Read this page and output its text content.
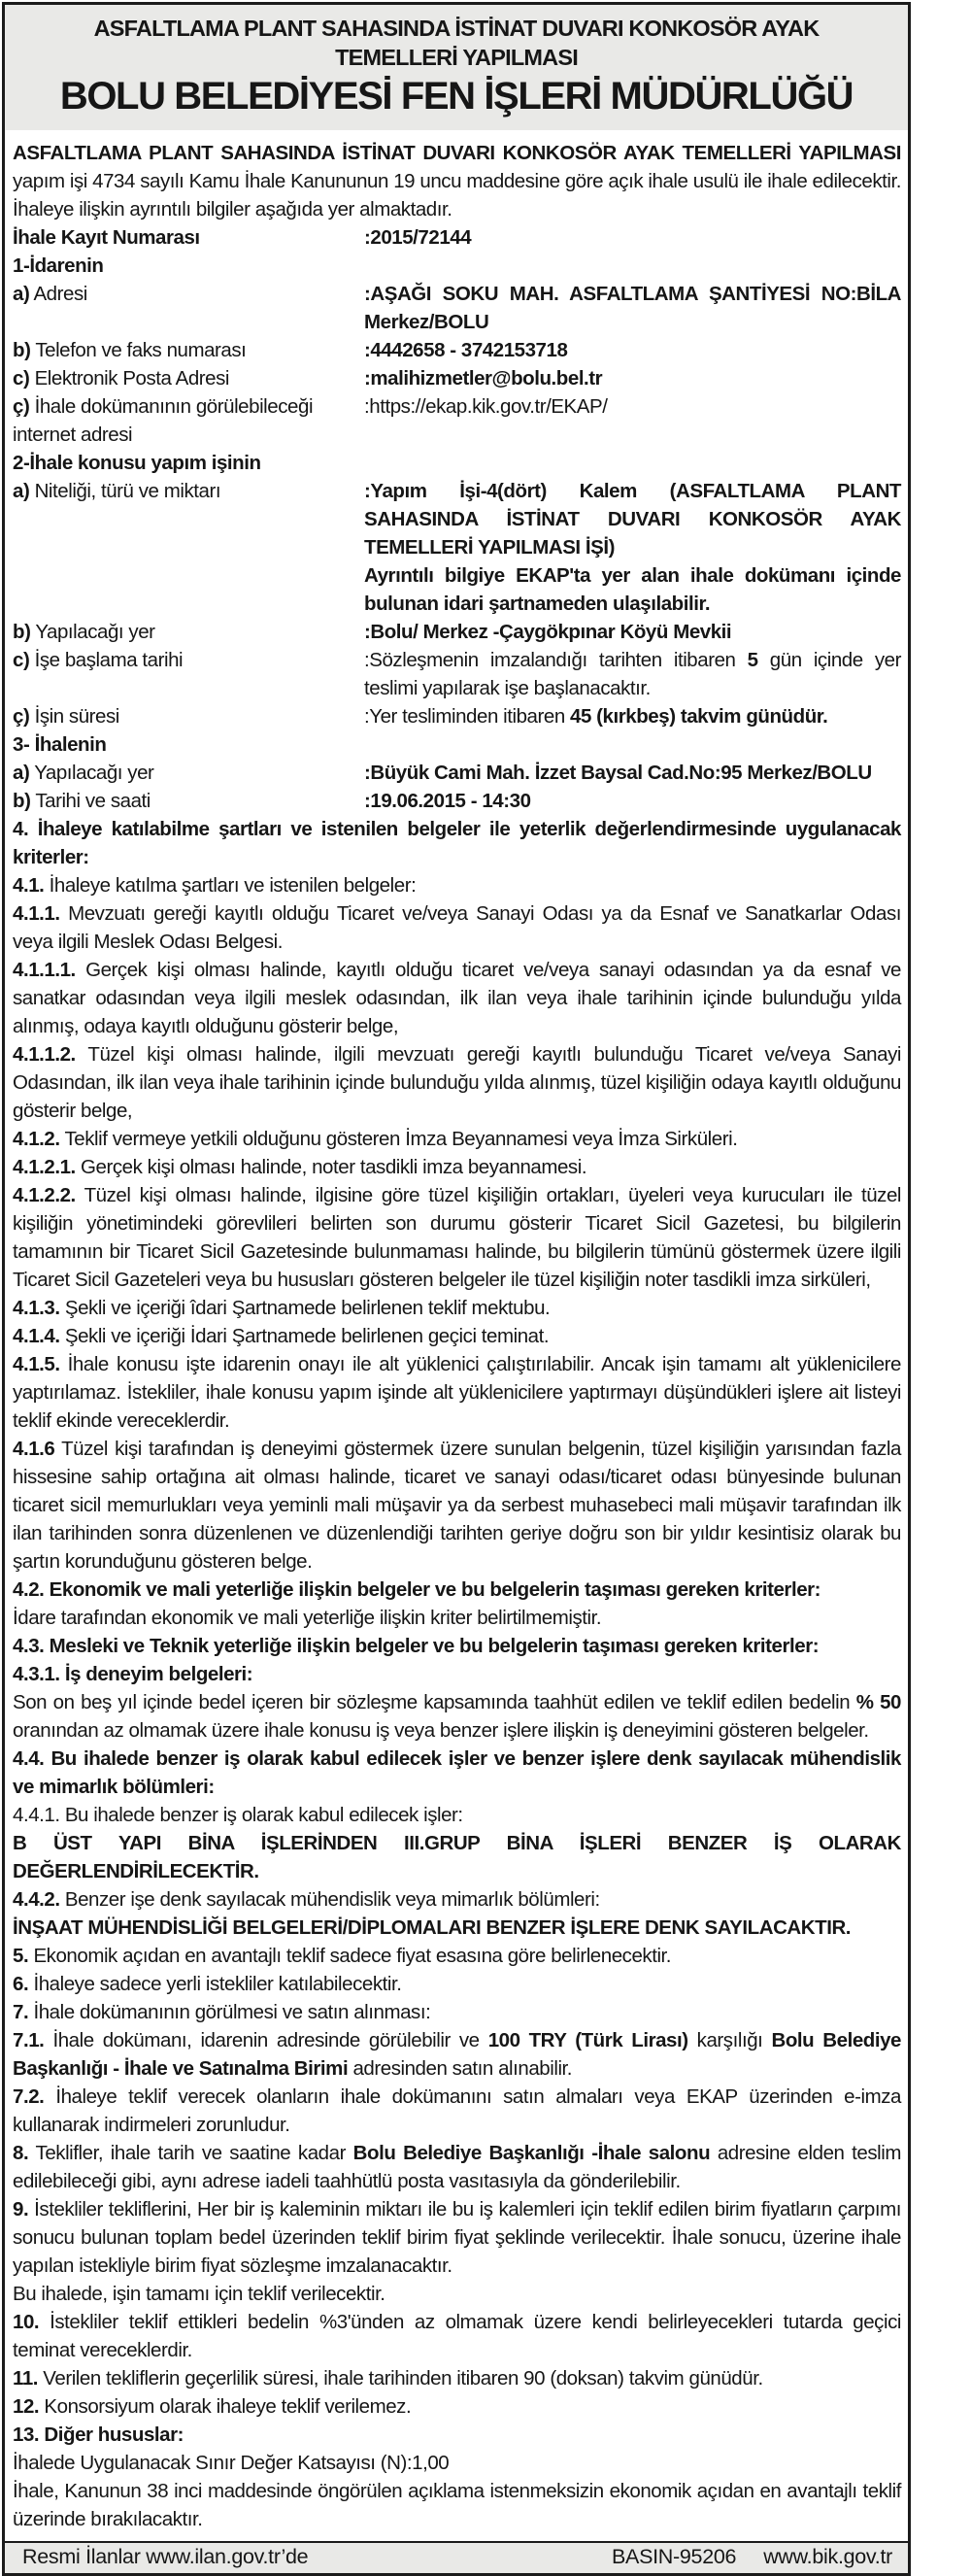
ASFALTLAMA PLANT SAHASINDA İSTİNAT DUVARI KONKOSÖR AYAK
TEMELLERİ YAPILMASI
BOLU BELEDİYESİ FEN İŞLERİ MÜDÜRLÜĞÜ

ASFALTLAMA PLANT SAHASINDA İSTİNAT DUVARI KONKOSÖR AYAK TEMELLERİ YAPILMASI yapım işi 4734 sayılı Kamu İhale Kanununun 19 uncu maddesine göre açık ihale usulü ile ihale edilecektir. İhaleye ilişkin ayrıntılı bilgiler aşağıda yer almaktadır.

İhale Kayıt Numarası	:2015/72144
1-İdarenin
a) Adresi	:AŞAĞI SOKU MAH. ASFALTLAMA ŞANTİYESİ NO:BİLA Merkez/BOLU
b) Telefon ve faks numarası	:4442658 - 3742153718
c) Elektronik Posta Adresi	:malihizmetler@bolu.bel.tr
ç) İhale dokümanının görülebileceği internet adresi
:https://ekap.kik.gov.tr/EKAP/
2-İhale konusu yapım işinin
a) Niteliği, türü ve miktarı	:Yapım İşi-4(dört) Kalem (ASFALTLAMA PLANT SAHASINDA İSTİNAT DUVARI KONKOSÖR AYAK TEMELLERİ YAPILMASI İŞİ)
Ayrıntılı bilgiye EKAP'ta yer alan ihale dokümanı içinde bulunan idari şartnameden ulaşılabilir.
b) Yapılacağı yer	:Bolu/ Merkez -Çaygökpınar Köyü Mevkii
c) İşe başlama tarihi	:Sözleşmenin imzalandığı tarihten itibaren 5 gün içinde yer teslimi yapılarak işe başlanacaktır.
ç) İşin süresi	:Yer tesliminden itibaren 45 (kırkbeş) takvim günüdür.
3- İhalenin
a) Yapılacağı yer	:Büyük Cami Mah. İzzet Baysal Cad.No:95 Merkez/BOLU
b) Tarihi ve saati	:19.06.2015 - 14:30

4. İhaleye katılabilme şartları ve istenilen belgeler ile yeterlik değerlendirmesinde uygulanacak kriterler:

4.1. İhaleye katılma şartları ve istenilen belgeler:

4.1.1. Mevzuatı gereği kayıtlı olduğu Ticaret ve/veya Sanayi Odası ya da Esnaf ve Sanatkarlar Odası veya ilgili Meslek Odası Belgesi.

4.1.1.1. Gerçek kişi olması halinde, kayıtlı olduğu ticaret ve/veya sanayi odasından ya da esnaf ve sanatkar odasından veya ilgili meslek odasından, ilk ilan veya ihale tarihinin içinde bulunduğu yılda alınmış, odaya kayıtlı olduğunu gösterir belge,

4.1.1.2. Tüzel kişi olması halinde, ilgili mevzuatı gereği kayıtlı bulunduğu Ticaret ve/veya Sanayi Odasından, ilk ilan veya ihale tarihinin içinde bulunduğu yılda alınmış, tüzel kişiliğin odaya kayıtlı olduğunu gösterir belge,

4.1.2. Teklif vermeye yetkili olduğunu gösteren İmza Beyannamesi veya İmza Sirküleri.

4.1.2.1. Gerçek kişi olması halinde, noter tasdikli imza beyannamesi.

4.1.2.2. Tüzel kişi olması halinde, ilgisine göre tüzel kişiliğin ortakları, üyeleri veya kurucuları ile tüzel kişiliğin yönetimindeki görevlileri belirten son durumu gösterir Ticaret Sicil Gazetesi, bu bilgilerin tamamının bir Ticaret Sicil Gazetesinde bulunmaması halinde, bu bilgilerin tümünü göstermek üzere ilgili Ticaret Sicil Gazeteleri veya bu hususları gösteren belgeler ile tüzel kişiliğin noter tasdikli imza sirküleri,

4.1.3. Şekli ve içeriği îdari Şartnamede belirlenen teklif mektubu.

4.1.4. Şekli ve içeriği İdari Şartnamede belirlenen geçici teminat.

4.1.5. İhale konusu işte idarenin onayı ile alt yüklenici çalıştırılabilir. Ancak işin tamamı alt yüklenicilere yaptırılamaz. İstekliler, ihale konusu yapım işinde alt yüklenicilere yaptırmayı düşündükleri işlere ait listeyi teklif ekinde vereceklerdir.

4.1.6 Tüzel kişi tarafından iş deneyimi göstermek üzere sunulan belgenin, tüzel kişiliğin yarısından fazla hissesine sahip ortağına ait olması halinde, ticaret ve sanayi odası/ticaret odası bünyesinde bulunan ticaret sicil memurlukları veya yeminli mali müşavir ya da serbest muhasebeci mali müşavir tarafından ilk ilan tarihinden sonra düzenlenen ve düzenlendiği tarihten geriye doğru son bir yıldır kesintisiz olarak bu şartın korunduğunu gösteren belge.

4.2. Ekonomik ve mali yeterliğe ilişkin belgeler ve bu belgelerin taşıması gereken kriterler:

İdare tarafından ekonomik ve mali yeterliğe ilişkin kriter belirtilmemiştir.

4.3. Mesleki ve Teknik yeterliğe ilişkin belgeler ve bu belgelerin taşıması gereken kriterler:

4.3.1. İş deneyim belgeleri:

Son on beş yıl içinde bedel içeren bir sözleşme kapsamında taahhüt edilen ve teklif edilen bedelin % 50 oranından az olmamak üzere ihale konusu iş veya benzer işlere ilişkin iş deneyimini gösteren belgeler.

4.4. Bu ihalede benzer iş olarak kabul edilecek işler ve benzer işlere denk sayılacak mühendislik ve mimarlık bölümleri:

4.4.1. Bu ihalede benzer iş olarak kabul edilecek işler:

B ÜST YAPI BİNA İŞLERİNDEN III.GRUP BİNA İŞLERİ BENZER İŞ OLARAK DEĞERLENDİRİLECEKTİR.

4.4.2. Benzer işe denk sayılacak mühendislik veya mimarlık bölümleri:

İNŞAAT MÜHENDİSLİĞİ BELGELERİ/DİPLOMALARI BENZER İŞLERE DENK SAYILACAKTIR.

5. Ekonomik açıdan en avantajlı teklif sadece fiyat esasına göre belirlenecektir.

6. İhaleye sadece yerli istekliler katılabilecektir.

7. İhale dokümanının görülmesi ve satın alınması:

7.1. İhale dokümanı, idarenin adresinde görülebilir ve 100 TRY (Türk Lirası) karşılığı Bolu Belediye Başkanlığı - İhale ve Satınalma Birimi adresinden satın alınabilir.

7.2. İhaleye teklif verecek olanların ihale dokümanını satın almaları veya EKAP üzerinden e-imza kullanarak indirmeleri zorunludur.

8. Teklifler, ihale tarih ve saatine kadar Bolu Belediye Başkanlığı -İhale salonu adresine elden teslim edilebileceği gibi, aynı adrese iadeli taahhütlü posta vasıtasıyla da gönderilebilir.

9. İstekliler tekliflerini, Her bir iş kaleminin miktarı ile bu iş kalemleri için teklif edilen birim fiyatların çarpımı sonucu bulunan toplam bedel üzerinden teklif birim fiyat şeklinde verilecektir. İhale sonucu, üzerine ihale yapılan istekliyle birim fiyat sözleşme imzalanacaktır.

Bu ihalede, işin tamamı için teklif verilecektir.

10. İstekliler teklif ettikleri bedelin %3'ünden az olmamak üzere kendi belirleyecekleri tutarda geçici teminat vereceklerdir.

11. Verilen tekliflerin geçerlilik süresi, ihale tarihinden itibaren 90 (doksan) takvim günüdür.

12. Konsorsiyum olarak ihaleye teklif verilemez.

13. Diğer hususlar:

İhalede Uygulanacak Sınır Değer Katsayısı (N):1,00

İhale, Kanunun 38 inci maddesinde öngörülen açıklama istenmeksizin ekonomik açıdan en avantajlı teklif üzerinde bırakılacaktır.

Resmi İlanlar www.ilan.gov.tr’de	BASIN-95206 www.bik.gov.tr
